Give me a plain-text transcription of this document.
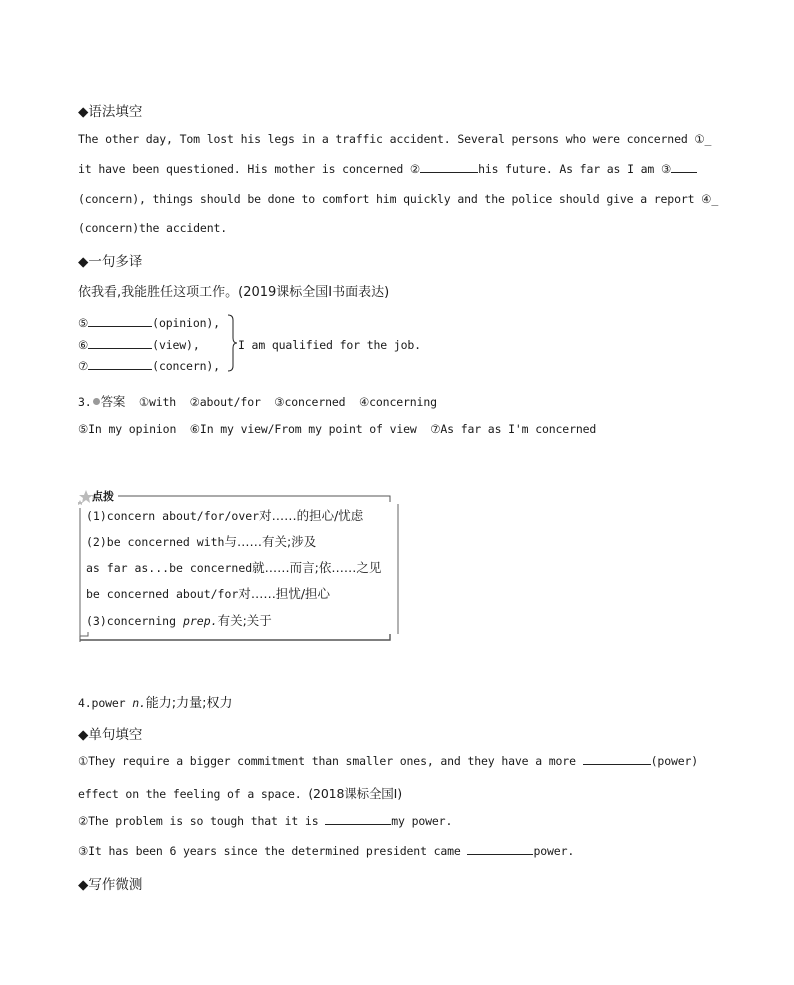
◆语法填空
The other day, Tom lost his legs in a traffic accident. Several persons who were concerned ①_
it have been questioned. His mother is concerned ②	his future. As far as I am ③
(concern), things should be done to comfort him quickly and the police should give a report ④_
(concern)the accident.
◆一句多译
依我看,我能胜任这项工作。(2019课标全国Ⅰ书面表达)
⑤	(opinion),
⑥	(view),
⑦	(concern),
I am qualified for the job.
3. 答案 ①with  ②about/for  ③concerned  ④concerning
⑤In my opinion  ⑥In my view/From my point of view  ⑦As far as I'm concerned
点拨
(1)concern about/for/over对……的担心/忧虑
(2)be concerned with与……有关;涉及
as far as...be concerned就……而言;依……之见
be concerned about/for对……担忧/担心
(3)concerning prep.有关;关于
4.power n.能力;力量;权力
◆单句填空
①They require a bigger commitment than smaller ones, and they have a more	(power)
effect on the feeling of a space. (2018课标全国Ⅰ)
②The problem is so tough that it is	my power.
③It has been 6 years since the determined president came	power.
◆写作微测
